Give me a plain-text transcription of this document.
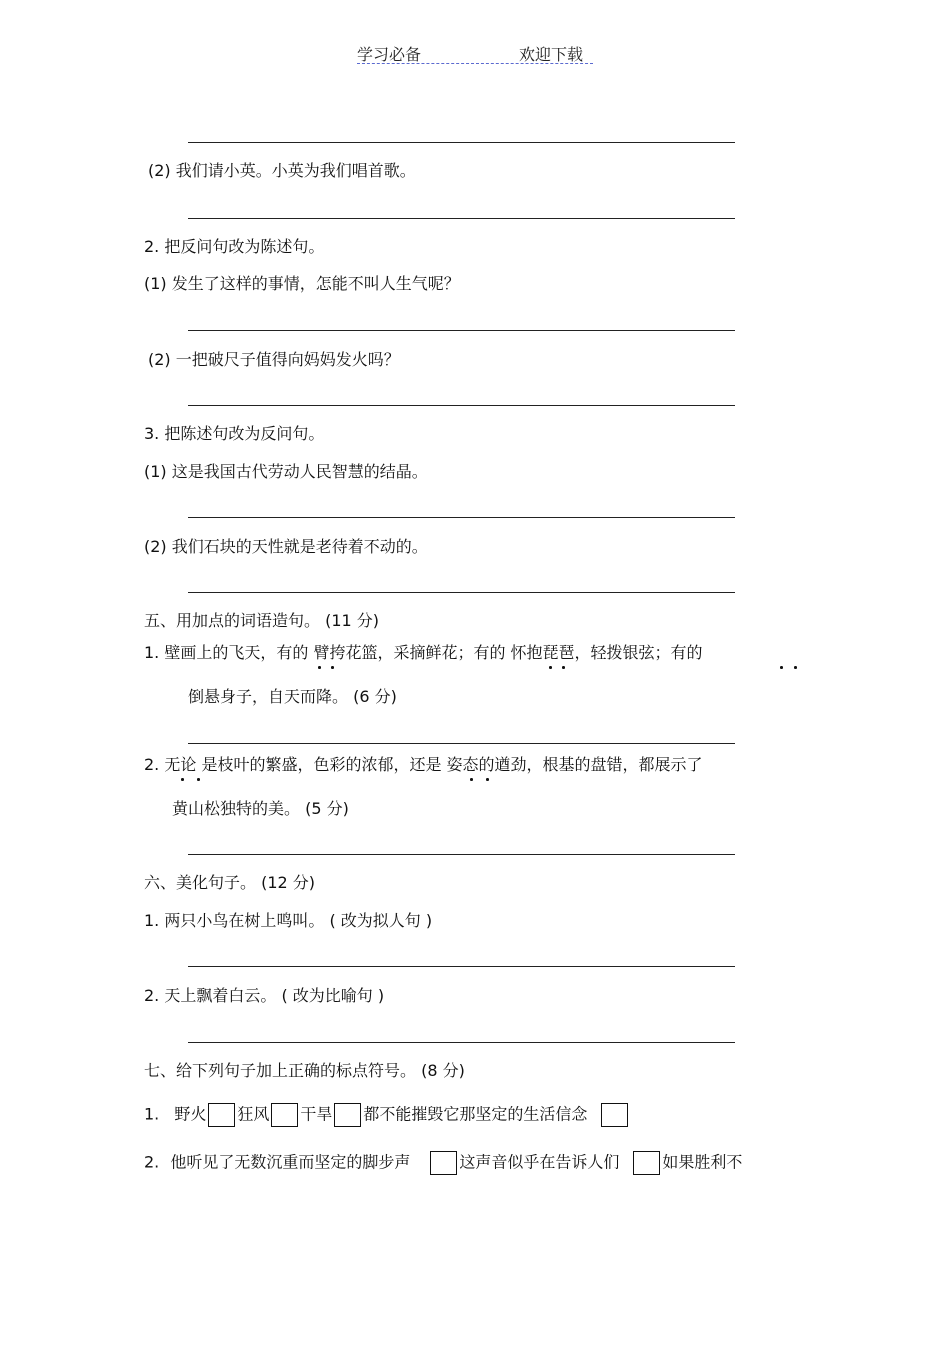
学习必备	欢迎下载
(2) 我们请小英。小英为我们唱首歌。
2. 把反问句改为陈述句。
(1) 发生了这样的事情，怎能不叫人生气呢？
(2) 一把破尺子值得向妈妈发火吗？
3. 把陈述句改为反问句。
(1) 这是我国古代劳动人民智慧的结晶。
(2) 我们石块的天性就是老待着不动的。
五、用加点的词语造句。 (11 分)
1. 壁画上的飞天，有的 臂挎花篮，采摘鲜花；有的 怀抱琵琶，轻拨银弦；有的
倒悬身子，自天而降。 (6 分)
2. 无论 是枝叶的繁盛，色彩的浓郁，还是 姿态的遒劲，根基的盘错，都展示了
黄山松独特的美。 (5 分)
六、美化句子。 (12 分)
1. 两只小鸟在树上鸣叫。 ( 改为拟人句 )
2. 天上飘着白云。 ( 改为比喻句 )
七、给下列句子加上正确的标点符号。 (8 分)
1. 野火 狂风 干旱 都不能摧毁它那坚定的生活信念
2. 他听见了无数沉重而坚定的脚步声	这声音似乎在告诉人们	如果胜利不
